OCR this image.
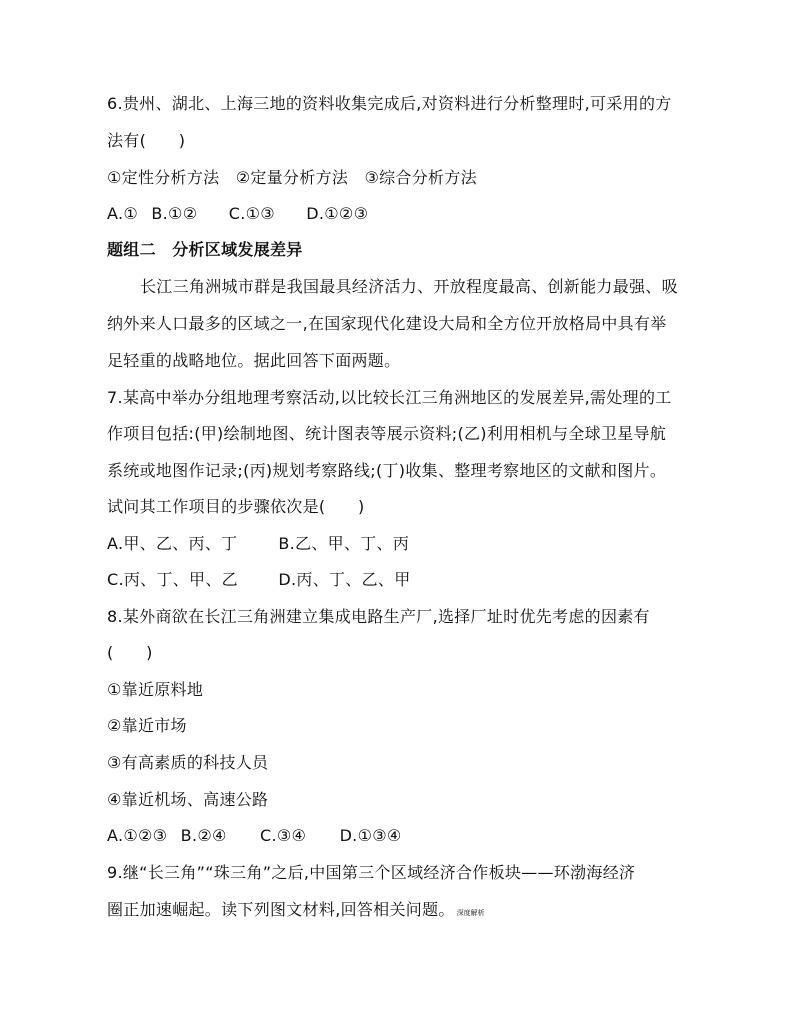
6.贵州、湖北、上海三地的资料收集完成后,对资料进行分析整理时,可采用的方
法有(　　)
①定性分析方法　②定量分析方法　③综合分析方法
A.① B.①② C.①③ D.①②③
题组二　分析区域发展差异
长江三角洲城市群是我国最具经济活力、开放程度最高、创新能力最强、吸
纳外来人口最多的区域之一,在国家现代化建设大局和全方位开放格局中具有举
足轻重的战略地位。据此回答下面两题。
7.某高中举办分组地理考察活动,以比较长江三角洲地区的发展差异,需处理的工
作项目包括:(甲)绘制地图、统计图表等展示资料;(乙)利用相机与全球卫星导航
系统或地图作记录;(丙)规划考察路线;(丁)收集、整理考察地区的文献和图片。
试问其工作项目的步骤依次是(　　)
A.甲、乙、丙、丁	B.乙、甲、丁、丙
C.丙、丁、甲、乙	D.丙、丁、乙、甲
8.某外商欲在长江三角洲建立集成电路生产厂,选择厂址时优先考虑的因素有
(　　)
①靠近原料地
②靠近市场
③有高素质的科技人员
④靠近机场、高速公路
A.①②③ B.②④ C.③④ D.①③④
9.继“长三角”“珠三角”之后,中国第三个区域经济合作板块——环渤海经济
圈正加速崛起。读下列图文材料,回答相关问题。 深度解析
